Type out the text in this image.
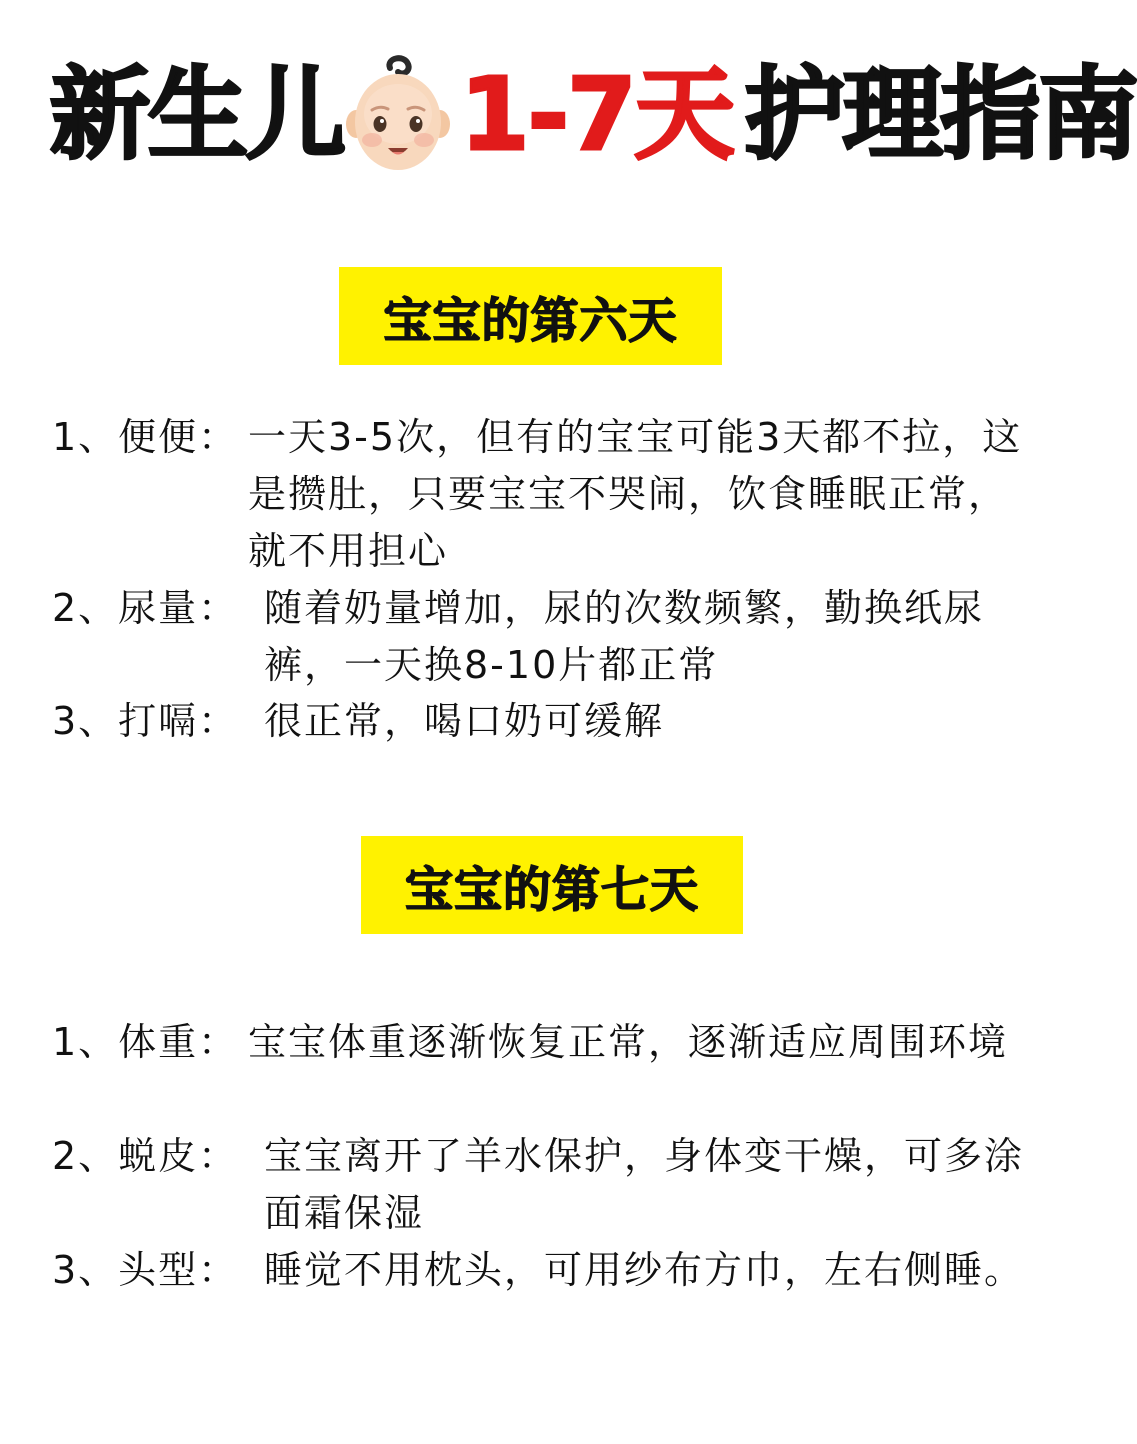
新生儿 1-7天 护理指南
宝宝的第六天
1、便便： 一天3-5次，但有的宝宝可能3天都不拉，这是攒肚，只要宝宝不哭闹，饮食睡眠正常，就不用担心
2、尿量： 随着奶量增加，尿的次数频繁，勤换纸尿裤，一天换8-10片都正常
3、打嗝： 很正常，喝口奶可缓解
宝宝的第七天
1、体重： 宝宝体重逐渐恢复正常，逐渐适应周围环境
2、蜕皮： 宝宝离开了羊水保护，身体变干燥，可多涂面霜保湿
3、头型： 睡觉不用枕头，可用纱布方巾，左右侧睡。
